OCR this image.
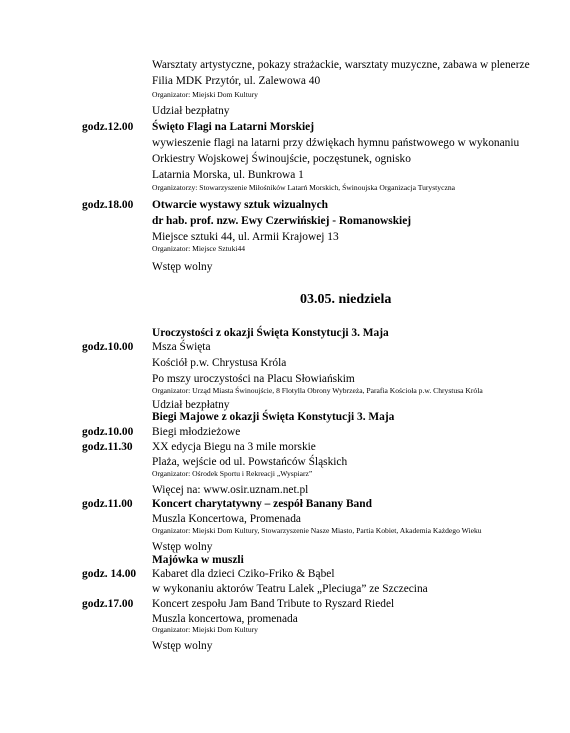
Warsztaty artystyczne, pokazy strażackie, warsztaty muzyczne, zabawa w plenerze
Filia MDK Przytór, ul. Zalewowa 40
Organizator: Miejski Dom Kultury
Udział bezpłatny
godz.12.00 Święto Flagi na Latarni Morskiej
wywieszenie flagi na latarni przy dźwiękach hymnu państwowego w wykonaniu
Orkiestry Wojskowej Świnoujście, poczęstunek, ognisko
Latarnia Morska, ul. Bunkrowa 1
Organizatorzy: Stowarzyszenie Miłośników Latarń Morskich, Świnoujska Organizacja Turystyczna
godz.18.00 Otwarcie wystawy sztuk wizualnych
dr hab. prof. nzw. Ewy Czerwińskiej - Romanowskiej
Miejsce sztuki 44, ul. Armii Krajowej 13
Organizator: Miejsce Sztuki44
Wstęp wolny
03.05. niedziela
Uroczystości z okazji Święta Konstytucji 3. Maja
godz.10.00 Msza Święta
Kościół p.w. Chrystusa Króla
Po mszy uroczystości na Placu Słowiańskim
Organizator: Urząd Miasta Świnoujście, 8 Flotylla Obrony Wybrzeża, Parafia Kościoła p.w. Chrystusa Króla
Udział bezpłatny
Biegi Majowe z okazji Święta Konstytucji 3. Maja
godz.10.00 Biegi młodzieżowe
godz.11.30 XX edycja Biegu na 3 mile morskie
Plaża, wejście od ul. Powstańców Śląskich
Organizator: Ośrodek Sportu i Rekreacji „Wyspiarz”
Więcej na: www.osir.uznam.net.pl
godz.11.00 Koncert charytatywny – zespół Banany Band
Muszla Koncertowa, Promenada
Organizator: Miejski Dom Kultury, Stowarzyszenie Nasze Miasto, Partia Kobiet, Akademia Każdego Wieku
Wstęp wolny
Majówka w muszli
godz. 14.00 Kabaret dla dzieci Cziko-Friko & Bąbel
w wykonaniu aktorów Teatru Lalek „Pleciuga” ze Szczecina
godz.17.00 Koncert zespołu Jam Band Tribute to Ryszard Riedel
Muszla koncertowa, promenada
Organizator: Miejski Dom Kultury
Wstęp wolny
